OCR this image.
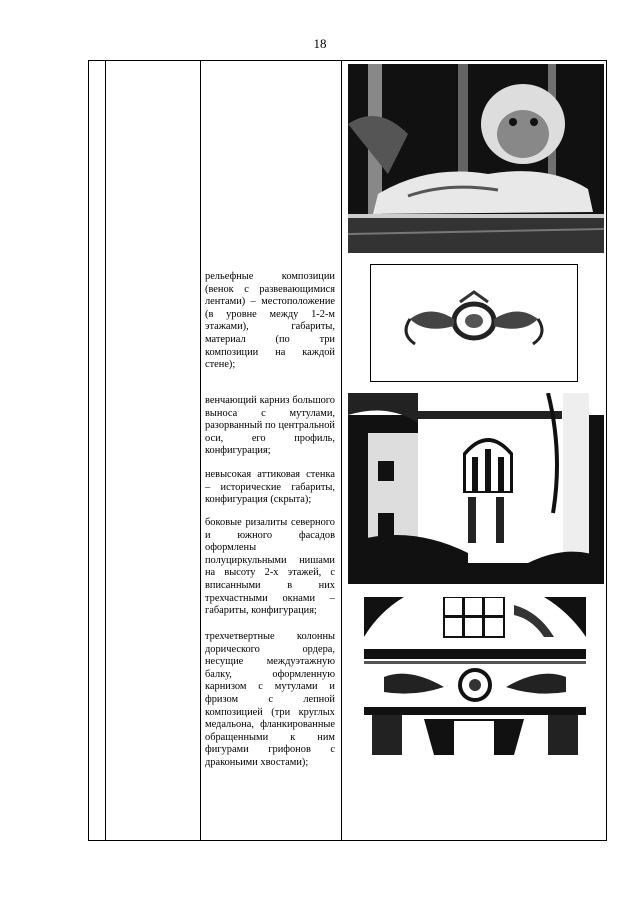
18

рельефные композиции (венок с развевающимися лентами) – местоположение (в уровне между 1-2-м этажами), габариты, материал (по три композиции на каждой стене);
венчающий карниз большого выноса с мутулами, разорванный по центральной оси, его профиль, конфигурация;
невысокая аттиковая стенка – исторические габариты, конфигурация (скрыта);
боковые ризалиты северного и южного фасадов оформлены полуциркульными нишами на высоту 2-х этажей, с вписанными в них трехчастными окнами – габариты, конфигурация;
трехчетвертные колонны дорического ордера, несущие междуэтажную балку, оформленную карнизом с мутулами и фризом с лепной композицией (три круглых медальона, фланкированные обращенными к ним фигурами грифонов с драконьими хвостами);
